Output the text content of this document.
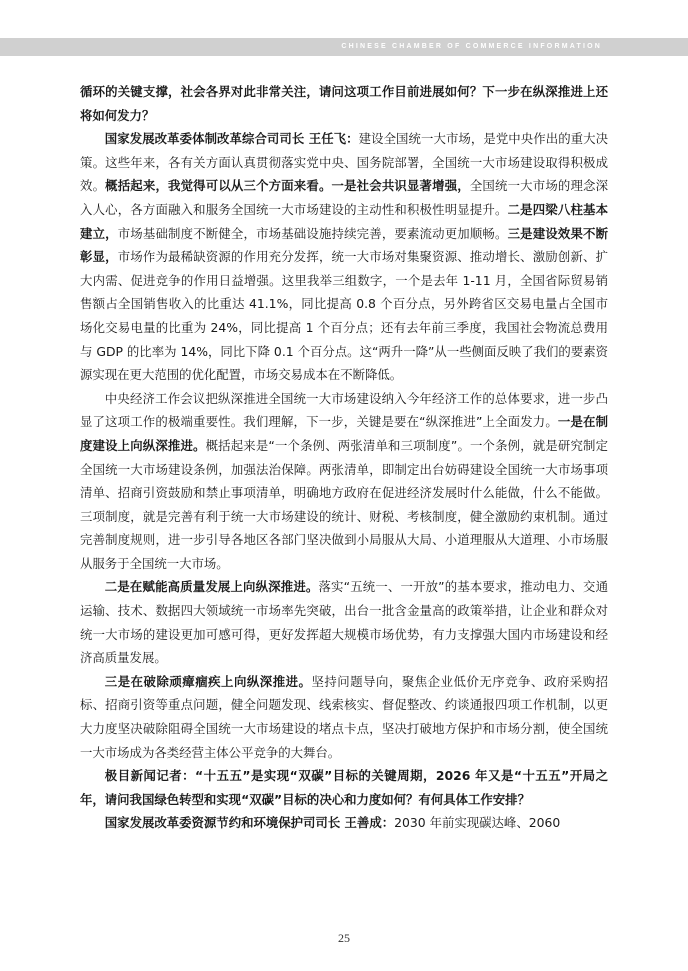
CHINESE CHAMBER OF COMMERCE INFORMATION

循环的关键支撑，社会各界对此非常关注，请问这项工作目前进展如何？下一步在纵深推进上还将如何发力？

国家发展改革委体制改革综合司司长 王任飞：建设全国统一大市场，是党中央作出的重大决策。这些年来，各有关方面认真贯彻落实党中央、国务院部署，全国统一大市场建设取得积极成效。概括起来，我觉得可以从三个方面来看。一是社会共识显著增强，全国统一大市场的理念深入人心，各方面融入和服务全国统一大市场建设的主动性和积极性明显提升。二是四梁八柱基本建立，市场基础制度不断健全，市场基础设施持续完善，要素流动更加顺畅。三是建设效果不断彰显，市场作为最稀缺资源的作用充分发挥，统一大市场对集聚资源、推动增长、激励创新、扩大内需、促进竞争的作用日益增强。这里我举三组数字，一个是去年 1-11 月，全国省际贸易销售额占全国销售收入的比重达 41.1%，同比提高 0.8 个百分点，另外跨省区交易电量占全国市场化交易电量的比重为 24%，同比提高 1 个百分点；还有去年前三季度，我国社会物流总费用与 GDP 的比率为 14%，同比下降 0.1 个百分点。这“两升一降”从一些侧面反映了我们的要素资源实现在更大范围的优化配置，市场交易成本在不断降低。

中央经济工作会议把纵深推进全国统一大市场建设纳入今年经济工作的总体要求，进一步凸显了这项工作的极端重要性。我们理解，下一步，关键是要在“纵深推进”上全面发力。一是在制度建设上向纵深推进。概括起来是“一个条例、两张清单和三项制度”。一个条例，就是研究制定全国统一大市场建设条例，加强法治保障。两张清单，即制定出台妨碍建设全国统一大市场事项清单、招商引资鼓励和禁止事项清单，明确地方政府在促进经济发展时什么能做，什么不能做。三项制度，就是完善有利于统一大市场建设的统计、财税、考核制度，健全激励约束机制。通过完善制度规则，进一步引导各地区各部门坚决做到小局服从大局、小道理服从大道理、小市场服从服务于全国统一大市场。

二是在赋能高质量发展上向纵深推进。落实“五统一、一开放”的基本要求，推动电力、交通运输、技术、数据四大领域统一市场率先突破，出台一批含金量高的政策举措，让企业和群众对统一大市场的建设更加可感可得，更好发挥超大规模市场优势，有力支撑强大国内市场建设和经济高质量发展。

三是在破除顽瘴痼疾上向纵深推进。坚持问题导向，聚焦企业低价无序竞争、政府采购招标、招商引资等重点问题，健全问题发现、线索核实、督促整改、约谈通报四项工作机制，以更大力度坚决破除阻碍全国统一大市场建设的堵点卡点，坚决打破地方保护和市场分割，使全国统一大市场成为各类经营主体公平竞争的大舞台。

极目新闻记者：“十五五”是实现“双碳”目标的关键周期，2026 年又是“十五五”开局之年，请问我国绿色转型和实现“双碳”目标的决心和力度如何？有何具体工作安排？

国家发展改革委资源节约和环境保护司司长 王善成：2030 年前实现碳达峰、2060

25
